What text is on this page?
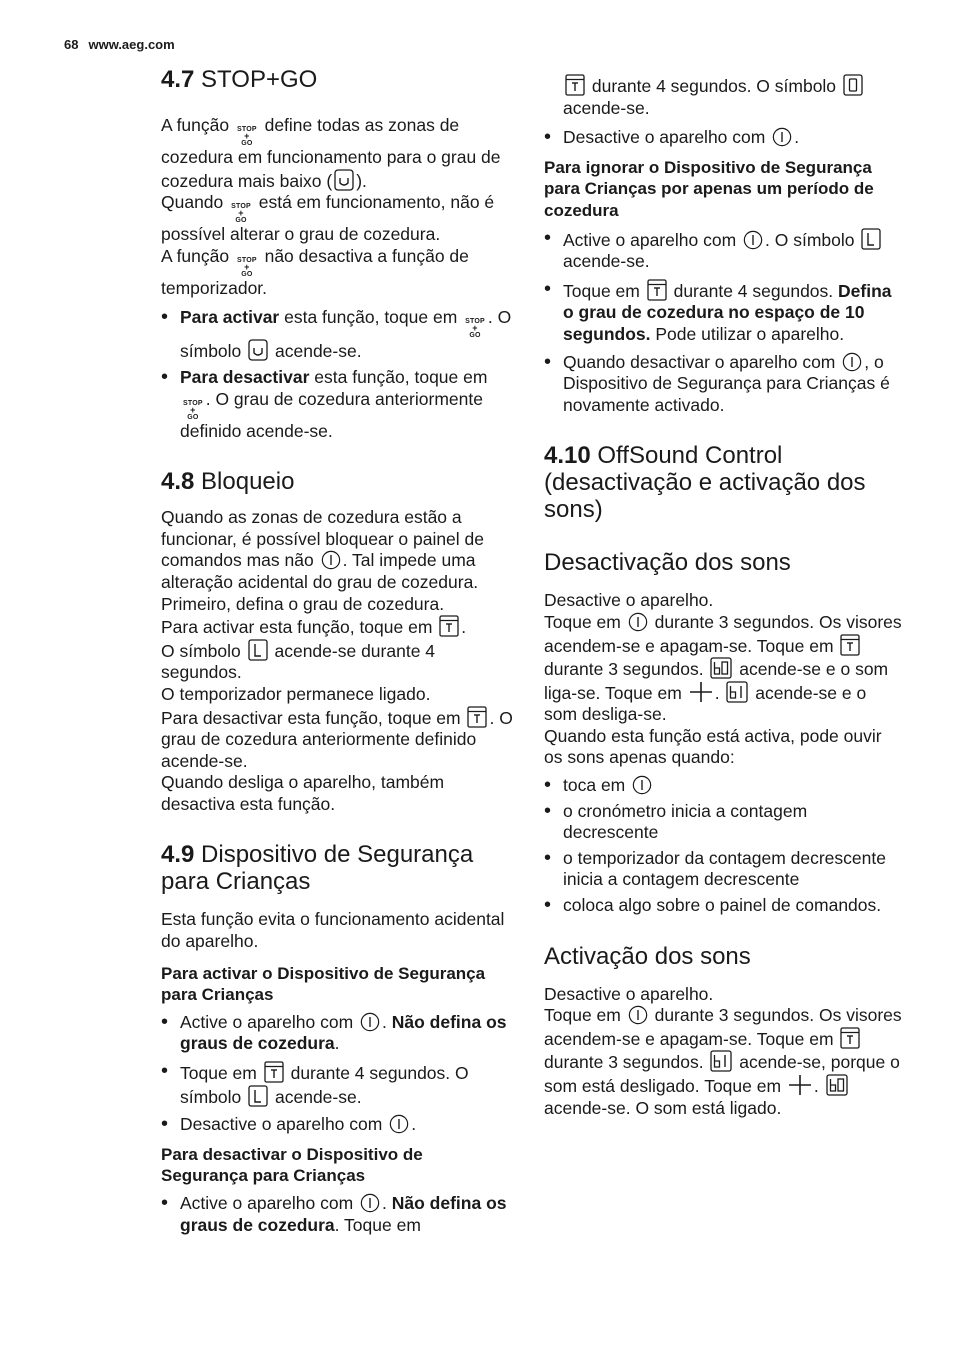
68 www.aeg.com
4.7 STOP+GO

A função STOP
+
GO
define todas as zonas de cozedura em funcionamento para o grau de cozedura mais baixo ( ).

Quando STOP
+
GO
está em funcionamento, não é possível alterar o grau de cozedura.

A função STOP
+
GO
não desactiva a função de temporizador.

• Para activar esta função, toque em STOP
+
GO
. O símbolo
acende-se.
• Para desactivar esta função, toque em
STOP
+
GO
. O grau de cozedura anteriormente definido acende-se.
4.8 Bloqueio

Quando as zonas de cozedura estão a funcionar, é possível bloquear o painel de comandos mas não
. Tal impede uma alteração acidental do grau de cozedura.

Primeiro, defina o grau de cozedura.

Para activar esta função, toque em
.

O símbolo
acende-se durante 4 segundos.

O temporizador permanece ligado.

Para desactivar esta função, toque em
. O grau de cozedura anteriormente definido acende-se.

Quando desliga o aparelho, também desactiva esta função.

4.9 Dispositivo de Segurança para Crianças

Esta função evita o funcionamento acidental do aparelho.

Para activar o Dispositivo de Segurança para Crianças

• Active o aparelho com
. Não defina os graus de cozedura.
• Toque em
durante 4 segundos. O símbolo
acende-se.
• Desactive o aparelho com
.

Para desactivar o Dispositivo de Segurança para Crianças

• Active o aparelho com
. Não defina os graus de cozedura. Toque em
• durante 4 segundos. O símbolo
acende-se.
• Desactive o aparelho com
.

Para ignorar o Dispositivo de Segurança para Crianças por apenas um período de cozedura

• Active o aparelho com
. O símbolo
acende-se.
• Toque em
durante 4 segundos. Defina o grau de cozedura no espaço de 10 segundos. Pode utilizar o aparelho.
• Quando desactivar o aparelho com
, o Dispositivo de Segurança para Crianças é novamente activado.
4.10 OffSound Control (desactivação e activação dos sons)
Desactivação dos sons

Desactive o aparelho.

Toque em
durante 3 segundos. Os visores acendem-se e apagam-se. Toque em
durante 3 segundos.
acende-se e o som liga-se. Toque em
.
acende-se e o som desliga-se.

Quando esta função está activa, pode ouvir os sons apenas quando:

• toca em
• o cronómetro inicia a contagem decrescente
• o temporizador da contagem decrescente inicia a contagem decrescente
• coloca algo sobre o painel de comandos.
Activação dos sons

Desactive o aparelho.

Toque em
durante 3 segundos. Os visores acendem-se e apagam-se. Toque em
durante 3 segundos.
acende-se, porque o som está desligado. Toque em
.
acende-se. O som está ligado.
